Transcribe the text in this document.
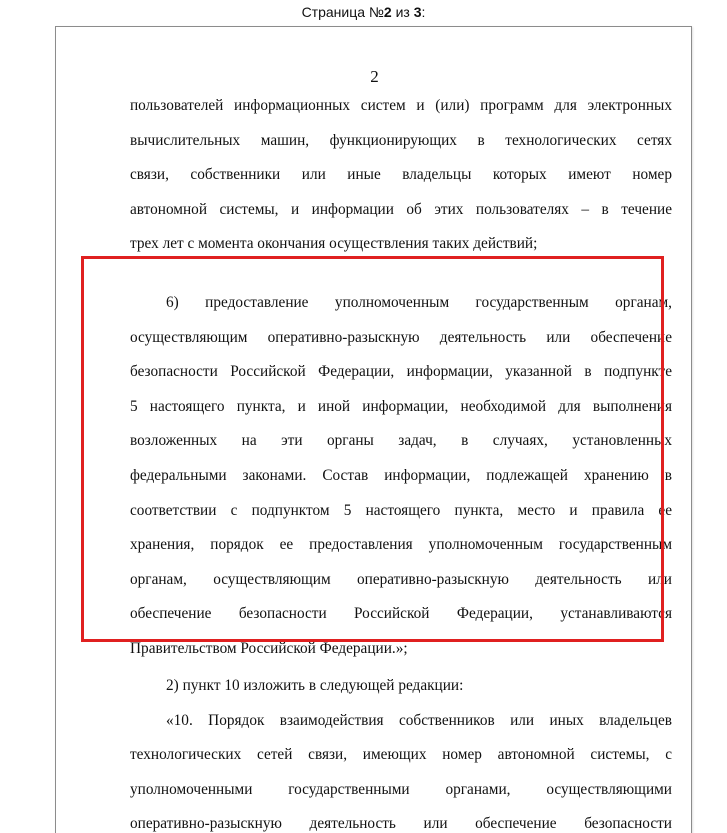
Страница №2 из 3:
2
пользователей информационных систем и (или) программ для электронных
вычислительных машин, функционирующих в технологических сетях
связи, собственники или иные владельцы которых имеют номер
автономной системы, и информации об этих пользователях – в течение
трех лет с момента окончания осуществления таких действий;
6) предоставление уполномоченным государственным органам,
осуществляющим оперативно-разыскную деятельность или обеспечение
безопасности Российской Федерации, информации, указанной в подпункте
5 настоящего пункта, и иной информации, необходимой для выполнения
возложенных на эти органы задач, в случаях, установленных
федеральными законами. Состав информации, подлежащей хранению в
соответствии с подпунктом 5 настоящего пункта, место и правила ее
хранения, порядок ее предоставления уполномоченным государственным
органам, осуществляющим оперативно-разыскную деятельность или
обеспечение безопасности Российской Федерации, устанавливаются
Правительством Российской Федерации.»;
2) пункт 10 изложить в следующей редакции:
«10. Порядок взаимодействия собственников или иных владельцев
технологических сетей связи, имеющих номер автономной системы, с
уполномоченными государственными органами, осуществляющими
оперативно-разыскную деятельность или обеспечение безопасности
